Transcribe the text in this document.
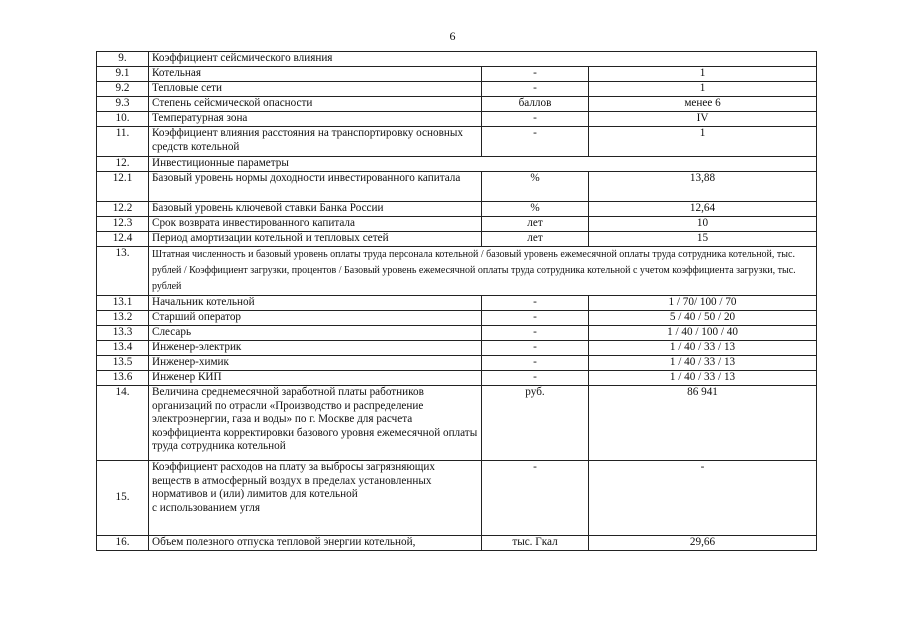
6
9.	Коэффициент сейсмического влияния		
9.1	Котельная	-	1
9.2	Тепловые сети	-	1
9.3	Степень сейсмической опасности	баллов	менее 6
10.	Температурная зона	-	IV
11.	Коэффициент влияния расстояния на транспортировку основных средств котельной	-	1
12.	Инвестиционные параметры		
12.1	Базовый уровень нормы доходности инвестированного капитала	%	13,88
12.2	Базовый уровень ключевой ставки Банка России	%	12,64
12.3	Срок возврата инвестированного капитала	лет	10
12.4	Период амортизации котельной и тепловых сетей	лет	15
13.	Штатная численность и базовый уровень оплаты труда персонала котельной / базовый уровень ежемесячной оплаты труда сотрудника котельной, тыс. рублей / Коэффициент загрузки, процентов / Базовый уровень ежемесячной оплаты труда сотрудника котельной с учетом коэффициента загрузки, тыс. рублей		
13.1	Начальник котельной	-	1 / 70/ 100 / 70
13.2	Старший оператор	-	5 / 40 / 50 / 20
13.3	Слесарь	-	1 / 40 / 100 / 40
13.4	Инженер-электрик	-	1 / 40 / 33 / 13
13.5	Инженер-химик	-	1 / 40 / 33 / 13
13.6	Инженер КИП	-	1 / 40 / 33 / 13
14.	Величина среднемесячной заработной платы работников организаций по отрасли «Производство и распределение электроэнергии, газа и воды» по г. Москве для расчета коэффициента корректировки базового уровня ежемесячной оплаты труда сотрудника котельной	руб.	86 941
15.	Коэффициент расходов на плату за выбросы загрязняющих
веществ в атмосферный воздух в пределах установленных нормативов и (или) лимитов для котельной
с использованием угля	-	-
16.	Объем полезного отпуска тепловой энергии котельной,	тыс. Гкал	29,66
